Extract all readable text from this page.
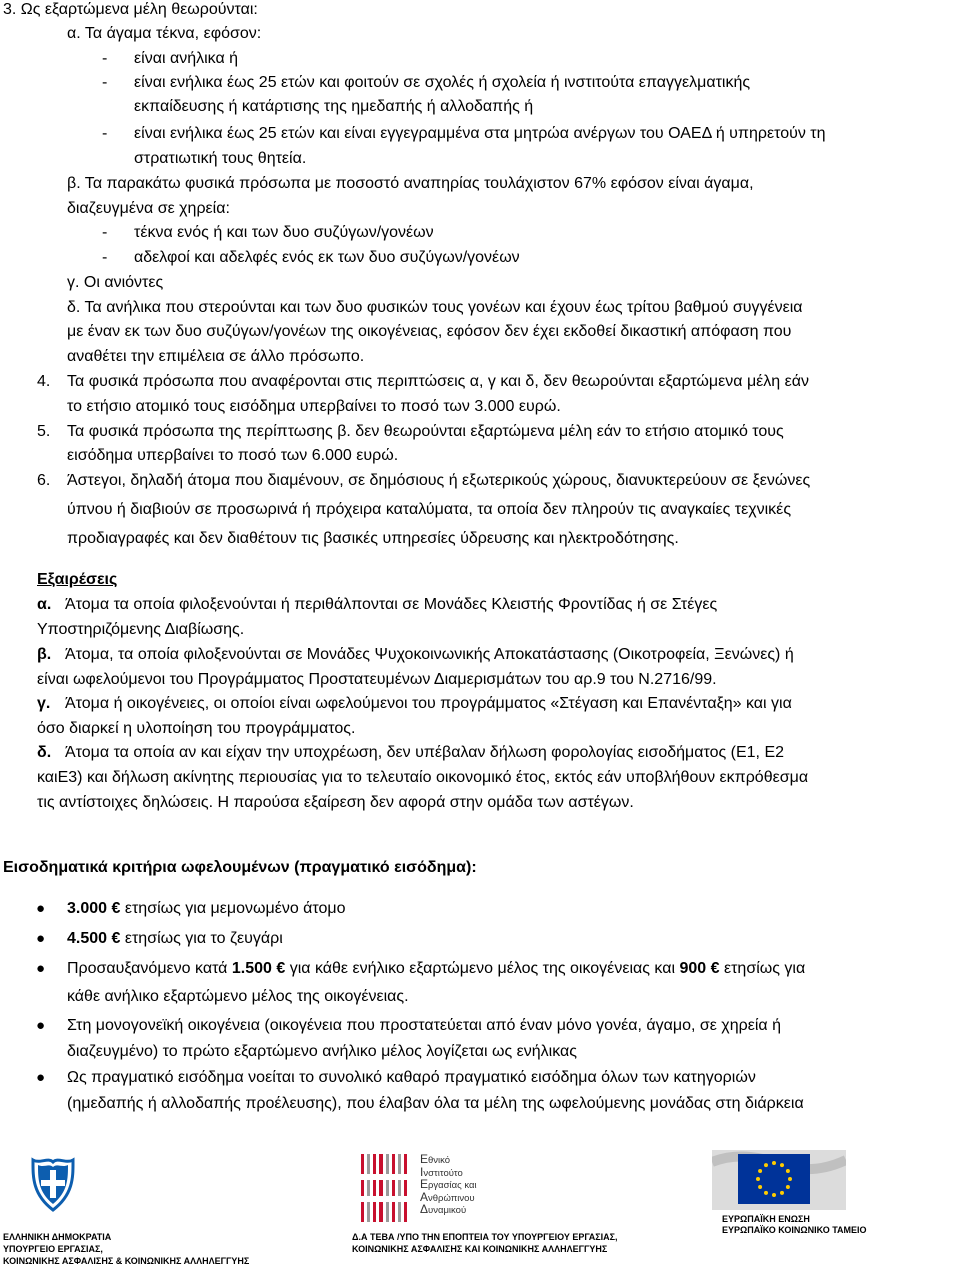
3. Ως εξαρτώμενα μέλη θεωρούνται:
α. Τα άγαμα τέκνα, εφόσον:
- είναι ανήλικα ή
- είναι ενήλικα έως 25 ετών και φοιτούν σε σχολές ή σχολεία ή ινστιτούτα επαγγελματικής
εκπαίδευσης ή κατάρτισης της ημεδαπής ή αλλοδαπής ή
- είναι ενήλικα έως 25 ετών και είναι εγγεγραμμένα στα μητρώα ανέργων του ΟΑΕΔ ή υπηρετούν τη
στρατιωτική τους θητεία.
β. Τα παρακάτω φυσικά πρόσωπα με ποσοστό αναπηρίας τουλάχιστον 67% εφόσον είναι άγαμα,
διαζευγμένα σε χηρεία:
- τέκνα ενός ή και των δυο συζύγων/γονέων
- αδελφοί και αδελφές ενός εκ των δυο συζύγων/γονέων
γ. Οι ανιόντες
δ. Τα ανήλικα που στερούνται και των δυο φυσικών τους γονέων και έχουν έως τρίτου βαθμού συγγένεια
με έναν εκ των δυο συζύγων/γονέων της οικογένειας, εφόσον δεν έχει εκδοθεί δικαστική απόφαση που
αναθέτει την επιμέλεια σε άλλο πρόσωπο.
4. Τα φυσικά πρόσωπα που αναφέρονται στις περιπτώσεις α, γ και δ, δεν θεωρούνται εξαρτώμενα μέλη εάν
το ετήσιο ατομικό τους εισόδημα υπερβαίνει το ποσό των 3.000 ευρώ.
5. Τα φυσικά πρόσωπα της περίπτωσης β. δεν θεωρούνται εξαρτώμενα μέλη εάν το ετήσιο ατομικό τους
εισόδημα υπερβαίνει το ποσό των 6.000 ευρώ.
6. Άστεγοι, δηλαδή άτομα που διαμένουν, σε δημόσιους ή εξωτερικούς χώρους, διανυκτερεύουν σε ξενώνες
ύπνου ή διαβιούν σε προσωρινά ή πρόχειρα καταλύματα, τα οποία δεν πληρούν τις αναγκαίες τεχνικές
προδιαγραφές και δεν διαθέτουν τις βασικές υπηρεσίες ύδρευσης και ηλεκτροδότησης.
Εξαιρέσεις
α. Άτομα τα οποία φιλοξενούνται ή περιθάλπονται σε Μονάδες Κλειστής Φροντίδας ή σε Στέγες
Υποστηριζόμενης Διαβίωσης.
β. Άτομα, τα οποία φιλοξενούνται σε Μονάδες Ψυχοκοινωνικής Αποκατάστασης (Οικοτροφεία, Ξενώνες) ή
είναι ωφελούμενοι του Προγράμματος Προστατευμένων Διαμερισμάτων του αρ.9 του Ν.2716/99.
γ. Άτομα ή οικογένειες, οι οποίοι είναι ωφελούμενοι του προγράμματος «Στέγαση και Επανένταξη» και για
όσο διαρκεί η υλοποίηση του προγράμματος.
δ. Άτομα τα οποία αν και είχαν την υποχρέωση, δεν υπέβαλαν δήλωση φορολογίας εισοδήματος (Ε1, Ε2
καιΕ3) και δήλωση ακίνητης περιουσίας για το τελευταίο οικονομικό έτος, εκτός εάν υποβλήθουν εκπρόθεσμα
τις αντίστοιχες δηλώσεις. Η παρούσα εξαίρεση δεν αφορά στην ομάδα των αστέγων.
Εισοδηματικά κριτήρια ωφελουμένων (πραγματικό εισόδημα):
● 3.000 € ετησίως για μεμονωμένο άτομο
● 4.500 € ετησίως για το ζευγάρι
● Προσαυξανόμενο κατά 1.500 € για κάθε ενήλικο εξαρτώμενο μέλος της οικογένειας και 900 € ετησίως για
κάθε ανήλικο εξαρτώμενο μέλος της οικογένειας.
● Στη μονογονεϊκή οικογένεια (οικογένεια που προστατεύεται από έναν μόνο γονέα, άγαμο, σε χηρεία ή
διαζευγμένο) το πρώτο εξαρτώμενο ανήλικο μέλος λογίζεται ως ενήλικας
● Ως πραγματικό εισόδημα νοείται το συνολικό καθαρό πραγματικό εισόδημα όλων των κατηγοριών
(ημεδαπής ή αλλοδαπής προέλευσης), που έλαβαν όλα τα μέλη της ωφελούμενης μονάδας στη διάρκεια
ΕΛΛΗΝΙΚΗ ΔΗΜΟΚΡΑΤΙΑ
ΥΠΟΥΡΓΕΙΟ ΕΡΓΑΣΙΑΣ,
ΚΟΙΝΩΝΙΚΗΣ ΑΣΦΑΛΙΣΗΣ & ΚΟΙΝΩΝΙΚΗΣ ΑΛΛΗΛΕΓΓΥΗΣ
Εθνικό
Ινστιτούτο
Εργασίας και
Ανθρώπινου
Δυναμικού
Δ.Α ΤΕΒΑ /ΥΠΟ ΤΗΝ ΕΠΟΠΤΕΙΑ ΤΟΥ ΥΠΟΥΡΓΕΙΟΥ ΕΡΓΑΣΙΑΣ,
ΚΟΙΝΩΝΙΚΗΣ ΑΣΦΑΛΙΣΗΣ ΚΑΙ ΚΟΙΝΩΝΙΚΗΣ ΑΛΛΗΛΕΓΓΥΗΣ
ΕΥΡΩΠΑΪΚΗ ΕΝΩΣΗ
ΕΥΡΩΠΑΪΚΟ ΚΟΙΝΩΝΙΚΟ ΤΑΜΕΙΟ
